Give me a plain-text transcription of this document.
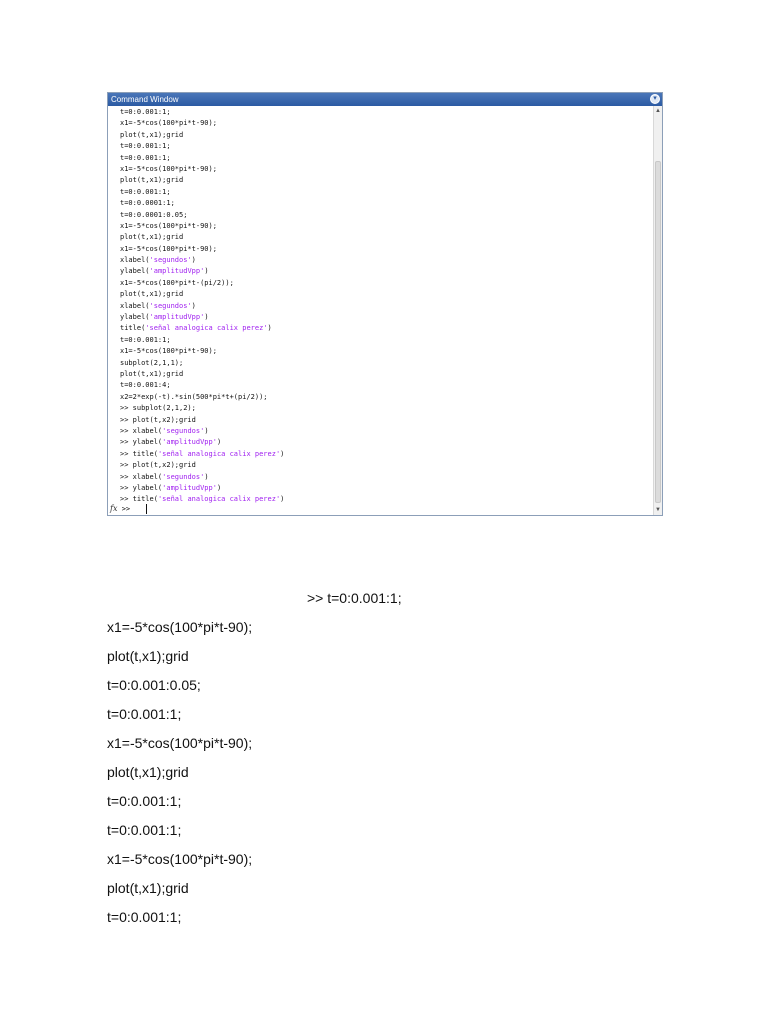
Command Window	▾
t=0:0.001:1;
x1=-5*cos(100*pi*t-90);
plot(t,x1);grid
t=0:0.001:1;
t=0:0.001:1;
x1=-5*cos(100*pi*t-90);
plot(t,x1);grid
t=0:0.001:1;
t=0:0.0001:1;
t=0:0.0001:0.05;
x1=-5*cos(100*pi*t-90);
plot(t,x1);grid
x1=-5*cos(100*pi*t-90);
xlabel('segundos')
ylabel('amplitudVpp')
x1=-5*cos(100*pi*t-(pi/2));
plot(t,x1);grid
xlabel('segundos')
ylabel('amplitudVpp')
title('señal analogica calix perez')
t=0:0.001:1;
x1=-5*cos(100*pi*t-90);
subplot(2,1,1);
plot(t,x1);grid
t=0:0.001:4;
x2=2*exp(-t).*sin(500*pi*t+(pi/2));
>> subplot(2,1,2);
>> plot(t,x2);grid
>> xlabel('segundos')
>> ylabel('amplitudVpp')
>> title('señal analogica calix perez')
>> plot(t,x2);grid
>> xlabel('segundos')
>> ylabel('amplitudVpp')
>> title('señal analogica calix perez')
▲
▼
fx >>
>> t=0:0.001:1;
x1=-5*cos(100*pi*t-90);
plot(t,x1);grid
t=0:0.001:0.05;
t=0:0.001:1;
x1=-5*cos(100*pi*t-90);
plot(t,x1);grid
t=0:0.001:1;
t=0:0.001:1;
x1=-5*cos(100*pi*t-90);
plot(t,x1);grid
t=0:0.001:1;
